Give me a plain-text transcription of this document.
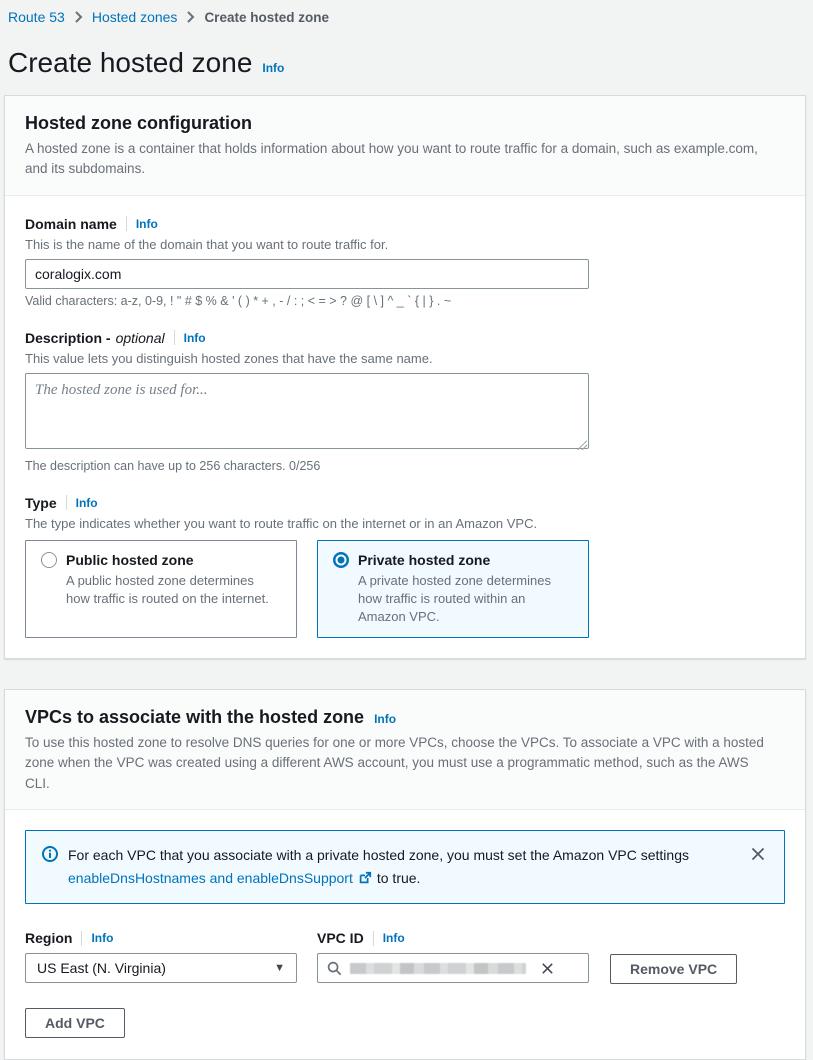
Route 53 Hosted zones Create hosted zone
Create hosted zone Info
Hosted zone configuration

A hosted zone is a container that holds information about how you want to route traffic for a domain, such as example.com, and its subdomains.

Domain name Info
This is the name of the domain that you want to route traffic for.
coralogix.com
Valid characters: a-z, 0-9, ! " # $ % & ' ( ) * + , - / : ; < = > ? @ [ \ ] ^ _ ` { | } . ~
Description - optional Info
This value lets you distinguish hosted zones that have the same name.
The hosted zone is used for...
The description can have up to 256 characters. 0/256
Type Info
The type indicates whether you want to route traffic on the internet or in an Amazon VPC.
Public hosted zone
A public hosted zone determines how traffic is routed on the internet.
Private hosted zone
A private hosted zone determines how traffic is routed within an Amazon VPC.
VPCs to associate with the hosted zone Info

To use this hosted zone to resolve DNS queries for one or more VPCs, choose the VPCs. To associate a VPC with a hosted zone when the VPC was created using a different AWS account, you must use a programmatic method, such as the AWS CLI.

For each VPC that you associate with a private hosted zone, you must set the Amazon VPC settings
enableDnsHostnames and enableDnsSupport to true.
Region Info
US East (N. Virginia)	▼
VPC ID Info
Remove VPC
Add VPC
